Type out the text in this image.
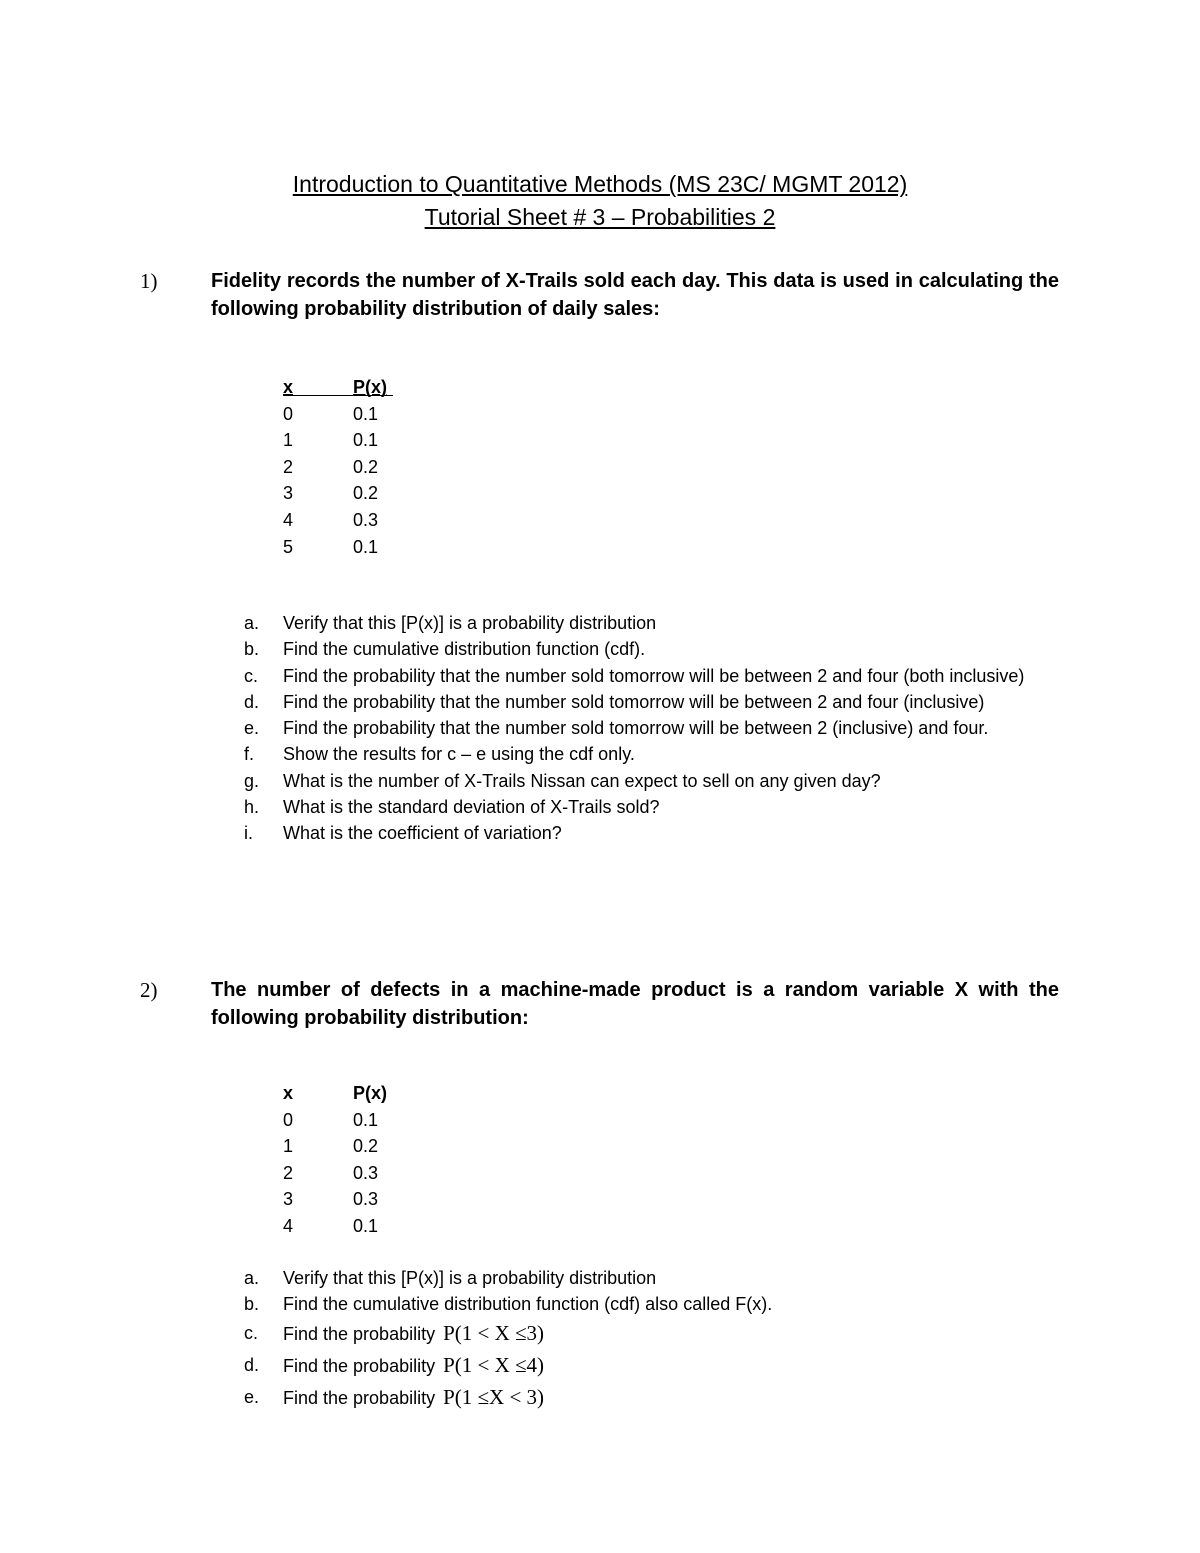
Introduction to Quantitative Methods (MS 23C/ MGMT 2012)
Tutorial Sheet # 3 – Probabilities 2
1)	Fidelity records the number of X-Trails sold each day. This data is used in calculating the following probability distribution of daily sales:
x	P(x)
0	0.1
1	0.1
2	0.2
3	0.2
4	0.3
5	0.1
a. Verify that this [P(x)] is a probability distribution
b. Find the cumulative distribution function (cdf).
c. Find the probability that the number sold tomorrow will be between 2 and four (both inclusive)
d. Find the probability that the number sold tomorrow will be between 2 and four (inclusive)
e. Find the probability that the number sold tomorrow will be between 2 (inclusive) and four.
f. Show the results for c – e using the cdf only.
g. What is the number of X-Trails Nissan can expect to sell on any given day?
h. What is the standard deviation of X-Trails sold?
i. What is the coefficient of variation?
2)	The number of defects in a machine-made product is a random variable X with the following probability distribution:
x	P(x)
0	0.1
1	0.2
2	0.3
3	0.3
4	0.1
a. Verify that this [P(x)] is a probability distribution
b. Find the cumulative distribution function (cdf) also called F(x).
c. Find the probability P(1 < X ≤3)
d. Find the probability P(1 < X ≤4)
e. Find the probability P(1 ≤X < 3)
